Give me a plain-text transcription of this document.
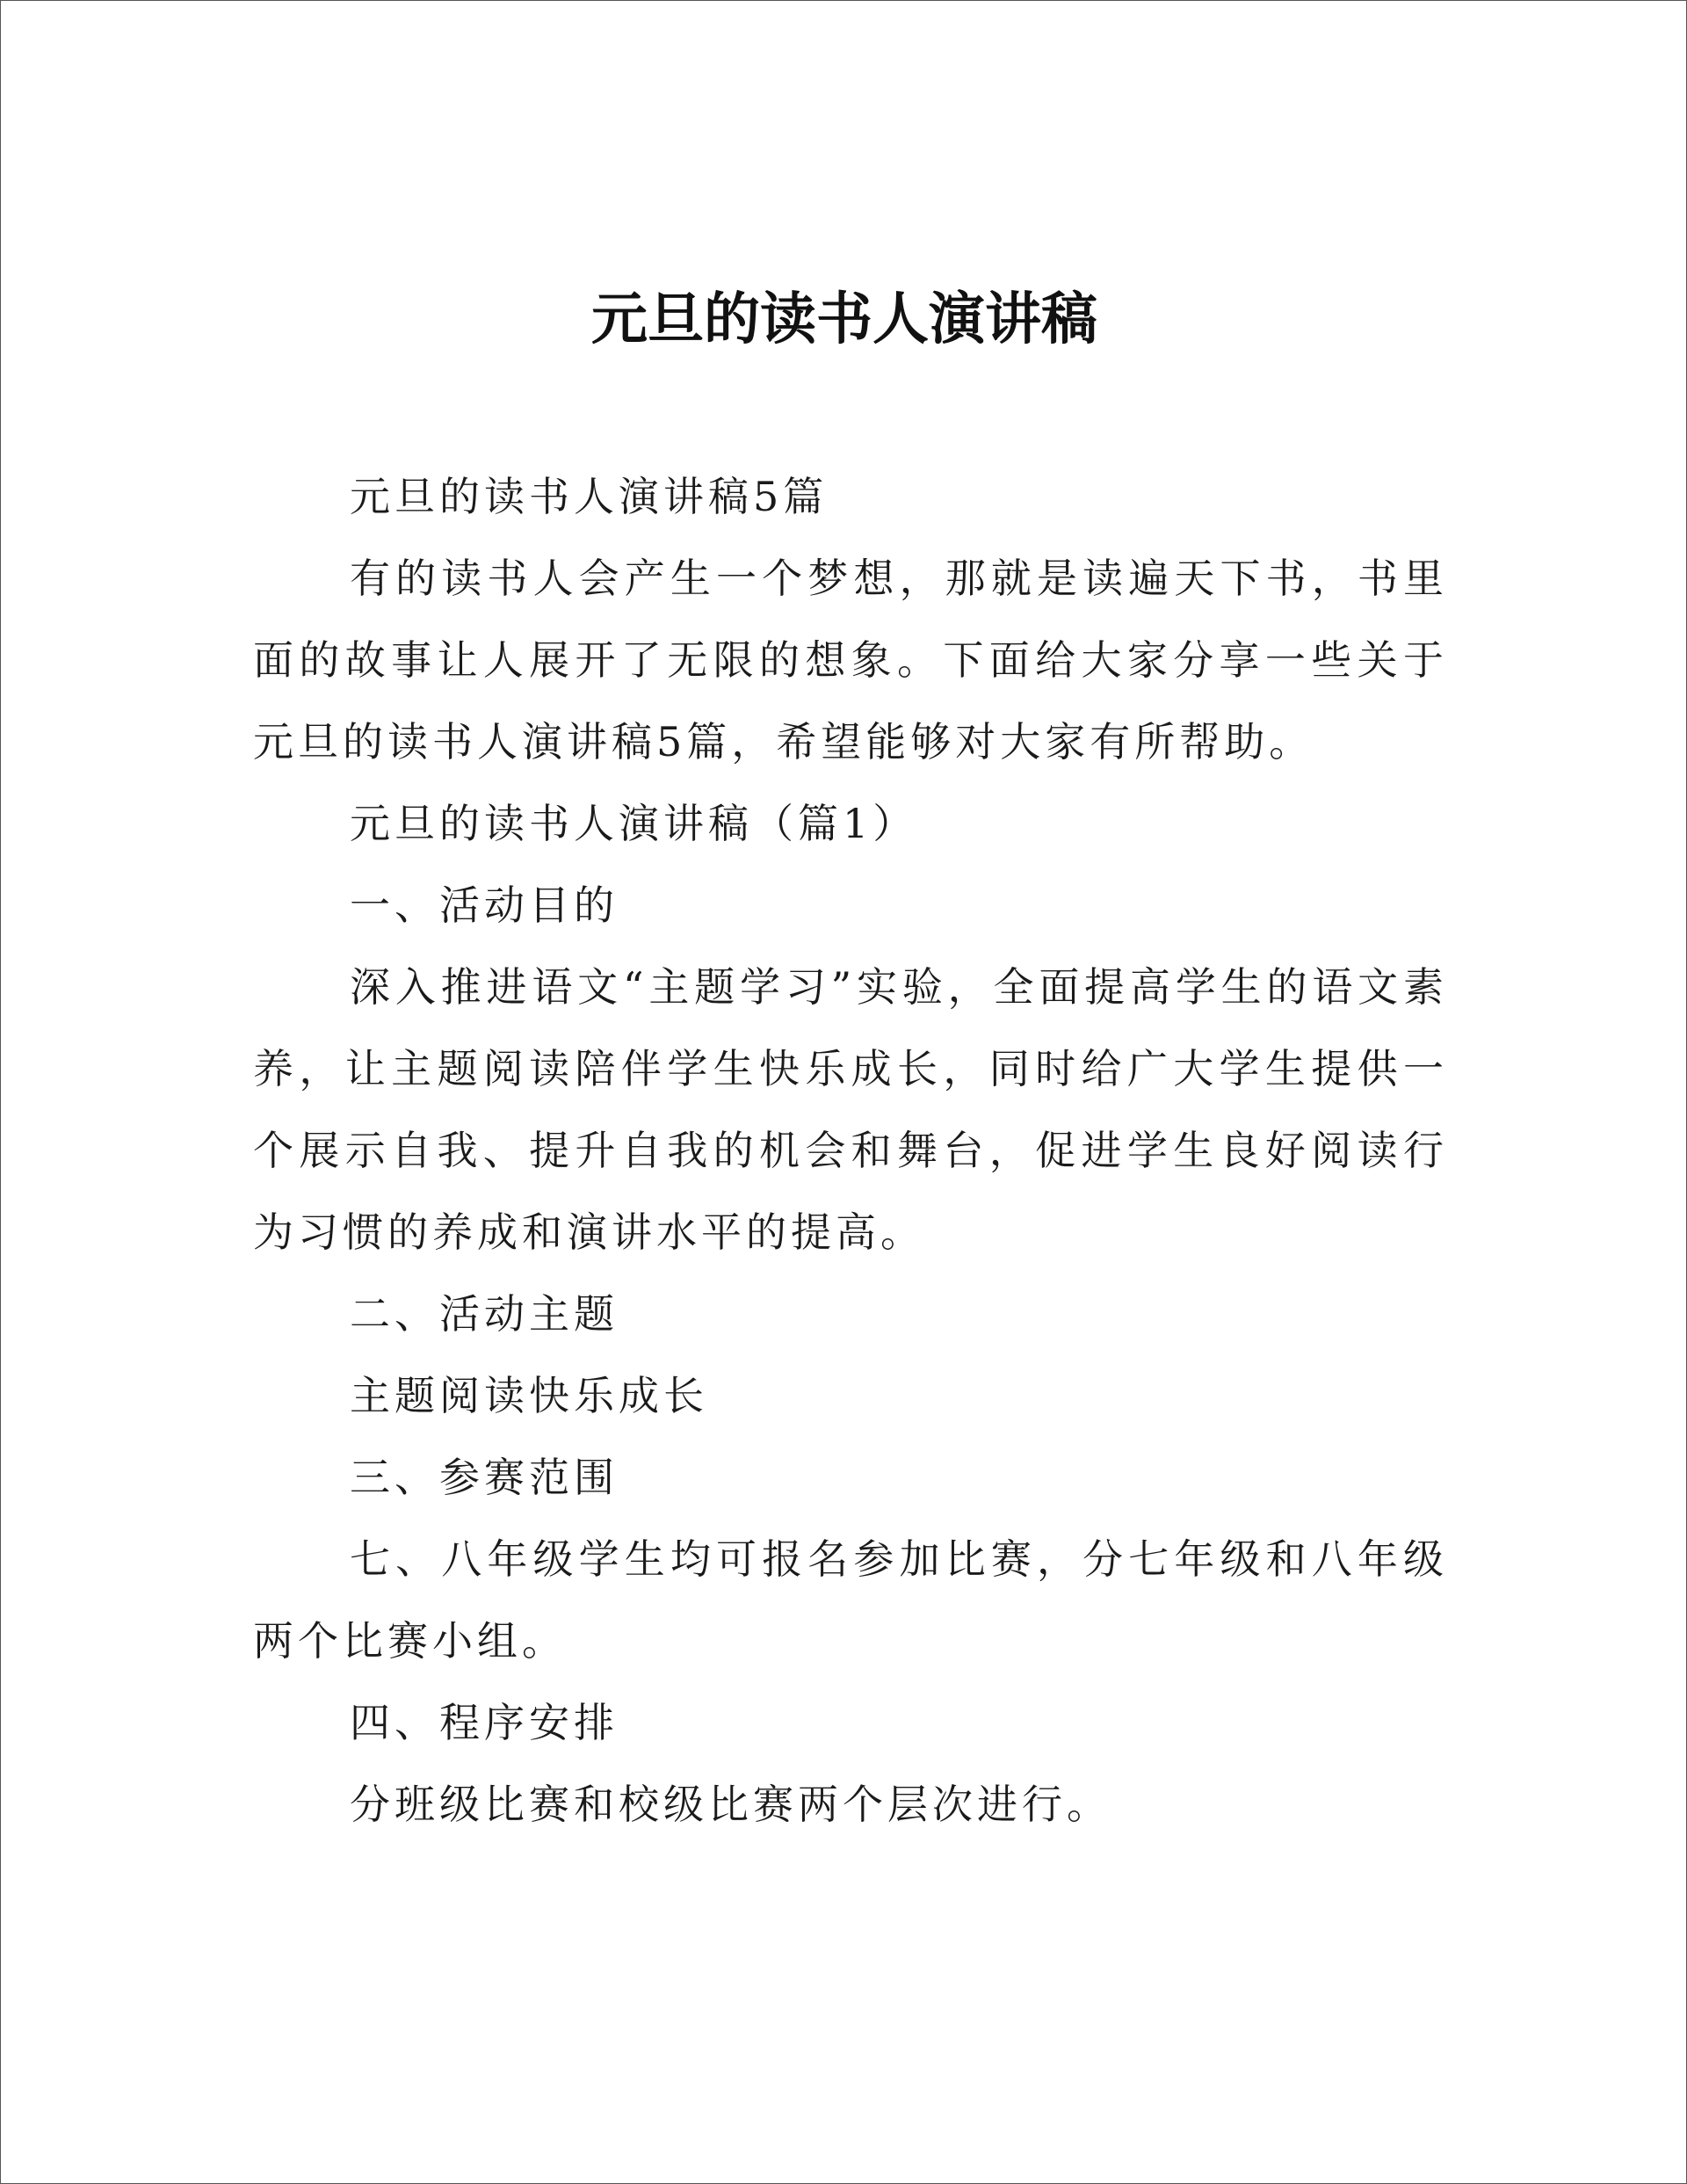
元旦的读书人演讲稿

元旦的读书人演讲稿5篇

有的读书人会产生一个梦想，那就是读遍天下书，书里面的故事让人展开了无限的想象。下面给大家分享一些关于元旦的读书人演讲稿5篇，希望能够对大家有所帮助。

元旦的读书人演讲稿（篇1）

一、活动目的

深入推进语文“主题学习”实验，全面提高学生的语文素养，让主题阅读陪伴学生快乐成长，同时给广大学生提供一个展示自我、提升自我的机会和舞台，促进学生良好阅读行为习惯的养成和演讲水平的提高。

二、活动主题

主题阅读快乐成长

三、参赛范围

七、八年级学生均可报名参加比赛，分七年级和八年级两个比赛小组。

四、程序安排

分班级比赛和校级比赛两个层次进行。
